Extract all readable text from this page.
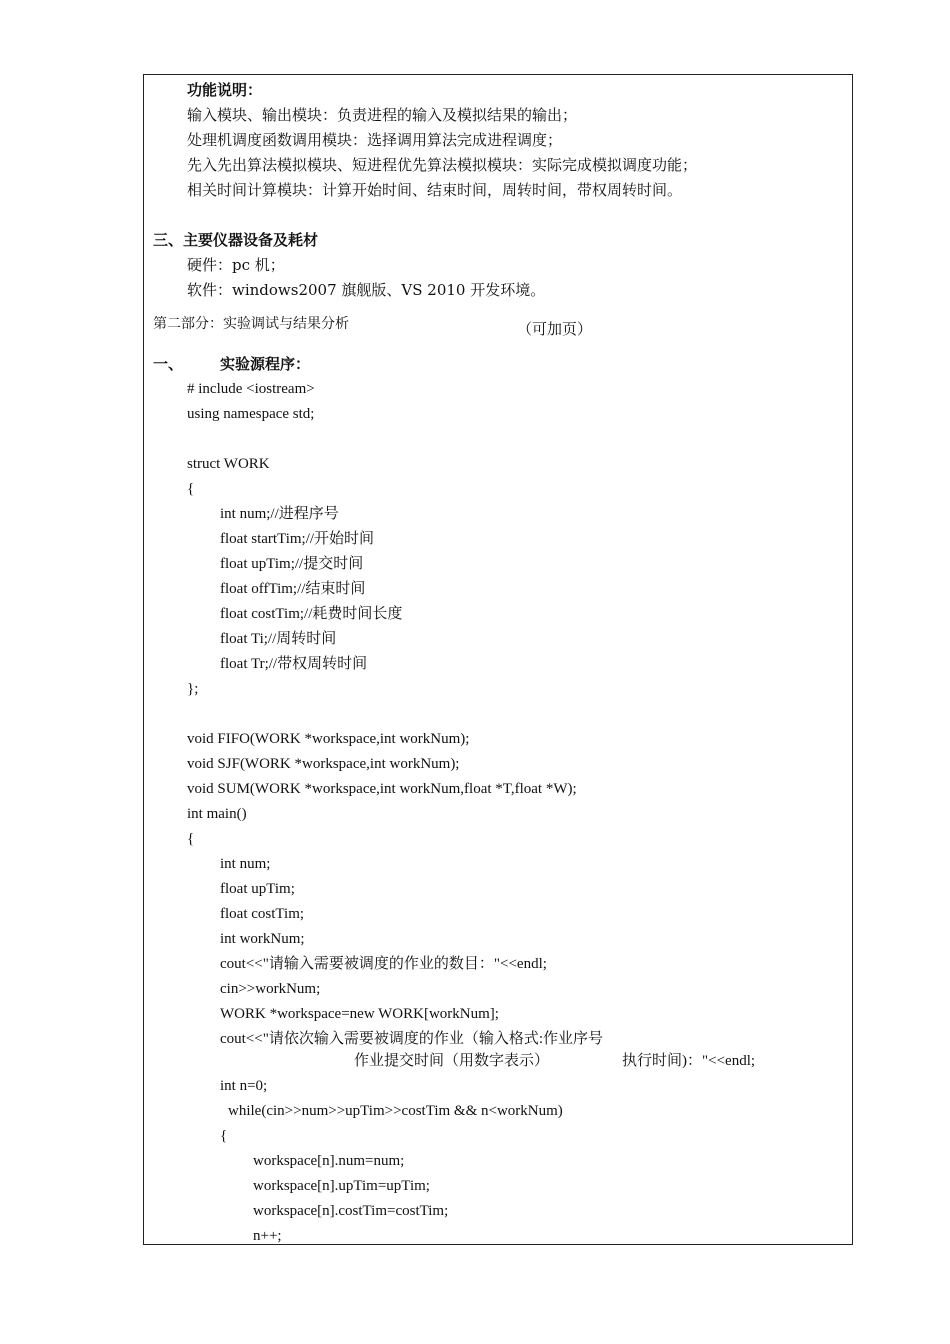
功能说明：
输入模块、输出模块：负责进程的输入及模拟结果的输出；
处理机调度函数调用模块：选择调用算法完成进程调度；
先入先出算法模拟模块、短进程优先算法模拟模块：实际完成模拟调度功能；
相关时间计算模块：计算开始时间、结束时间，周转时间，带权周转时间。
三、主要仪器设备及耗材
硬件：pc 机；
软件：windows2007 旗舰版、VS 2010 开发环境。
第二部分：实验调试与结果分析	（可加页）
一、 实验源程序：
# include <iostream>
using namespace std;
struct WORK
{
int num;//进程序号
float startTim;//开始时间
float upTim;//提交时间
float offTim;//结束时间
float costTim;//耗费时间长度
float Ti;//周转时间
float Tr;//带权周转时间
};
void FIFO(WORK *workspace,int workNum);
void SJF(WORK *workspace,int workNum);
void SUM(WORK *workspace,int workNum,float *T,float *W);
int main()
{
int num;
float upTim;
float costTim;
int workNum;
cout<<"请输入需要被调度的作业的数目："<<endl;
cin>>workNum;
WORK *workspace=new WORK[workNum];
cout<<"请依次输入需要被调度的作业（输入格式:作业序号
作业提交时间（用数字表示）	执行时间)："<<endl;
int n=0;
while(cin>>num>>upTim>>costTim && n<workNum)
{
workspace[n].num=num;
workspace[n].upTim=upTim;
workspace[n].costTim=costTim;
n++;
